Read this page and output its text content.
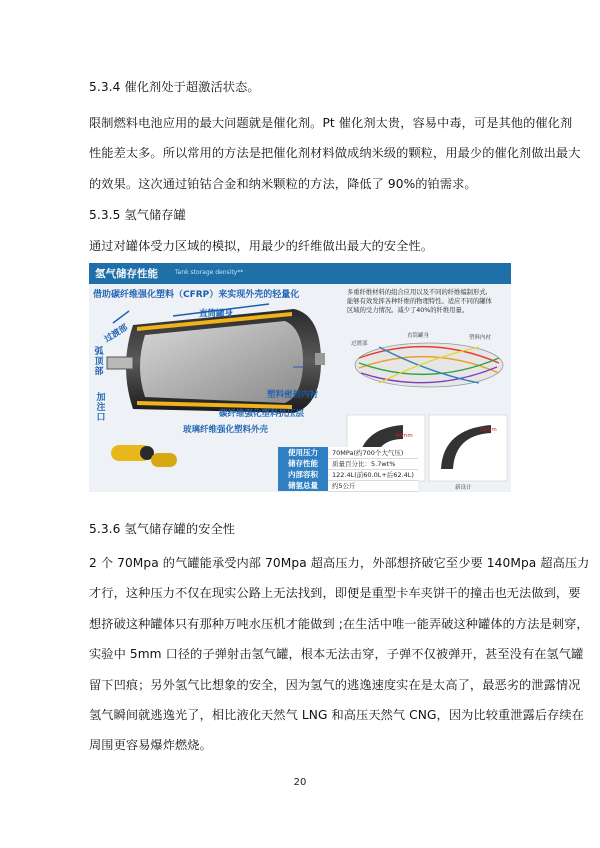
5.3.4 催化剂处于超激活状态。
限制燃料电池应用的最大问题就是催化剂。Pt 催化剂太贵，容易中毒，可是其他的催化剂
性能差太多。所以常用的方法是把催化剂材料做成纳米级的颗粒，用最少的催化剂做出最大
的效果。这次通过铂钴合金和纳米颗粒的方法，降低了 90%的铂需求。
5.3.5 氢气储存罐
通过对罐体受力区域的模拟，用最少的纤维做出最大的安全性。
氢气储存性能	Tank storage density**
借助碳纤维强化塑料（CFRP）来实现外壳的轻量化
直筒罐身
过渡部
弧顶部
加注口
塑料密封内衬
碳纤维强化塑料抗压层
玻璃纤维强化塑料外壳
多重纤维材料的组合应用以及不同的纤维编制形式,
能够有效发挥各种纤维的物理特性。适应不同的罐体
区域的受力情况。减少了40%的纤维用量。
过渡部
直筒罐身	塑料内衬
40mm
25mm
新设计
使用压力	70MPa(约700个大气压)
储存性能	质量百分比：5.7wt%
内部容积	122.4L(前60.0L+后62.4L)
储氢总量	约5公斤
5.3.6 氢气储存罐的安全性
2 个 70Mpa 的气罐能承受内部 70Mpa 超高压力，外部想挤破它至少要 140Mpa 超高压力
才行，这种压力不仅在现实公路上无法找到，即便是重型卡车夹饼干的撞击也无法做到，要
想挤破这种罐体只有那种万吨水压机才能做到 ;在生活中唯一能弄破这种罐体的方法是刺穿，
实验中 5mm 口径的子弹射击氢气罐，根本无法击穿，子弹不仅被弹开，甚至没有在氢气罐
留下凹痕；另外氢气比想象的安全，因为氢气的逃逸速度实在是太高了，最恶劣的泄露情况
氢气瞬间就逃逸光了，相比液化天然气 LNG 和高压天然气 CNG，因为比较重泄露后存续在
周围更容易爆炸燃烧。
20
